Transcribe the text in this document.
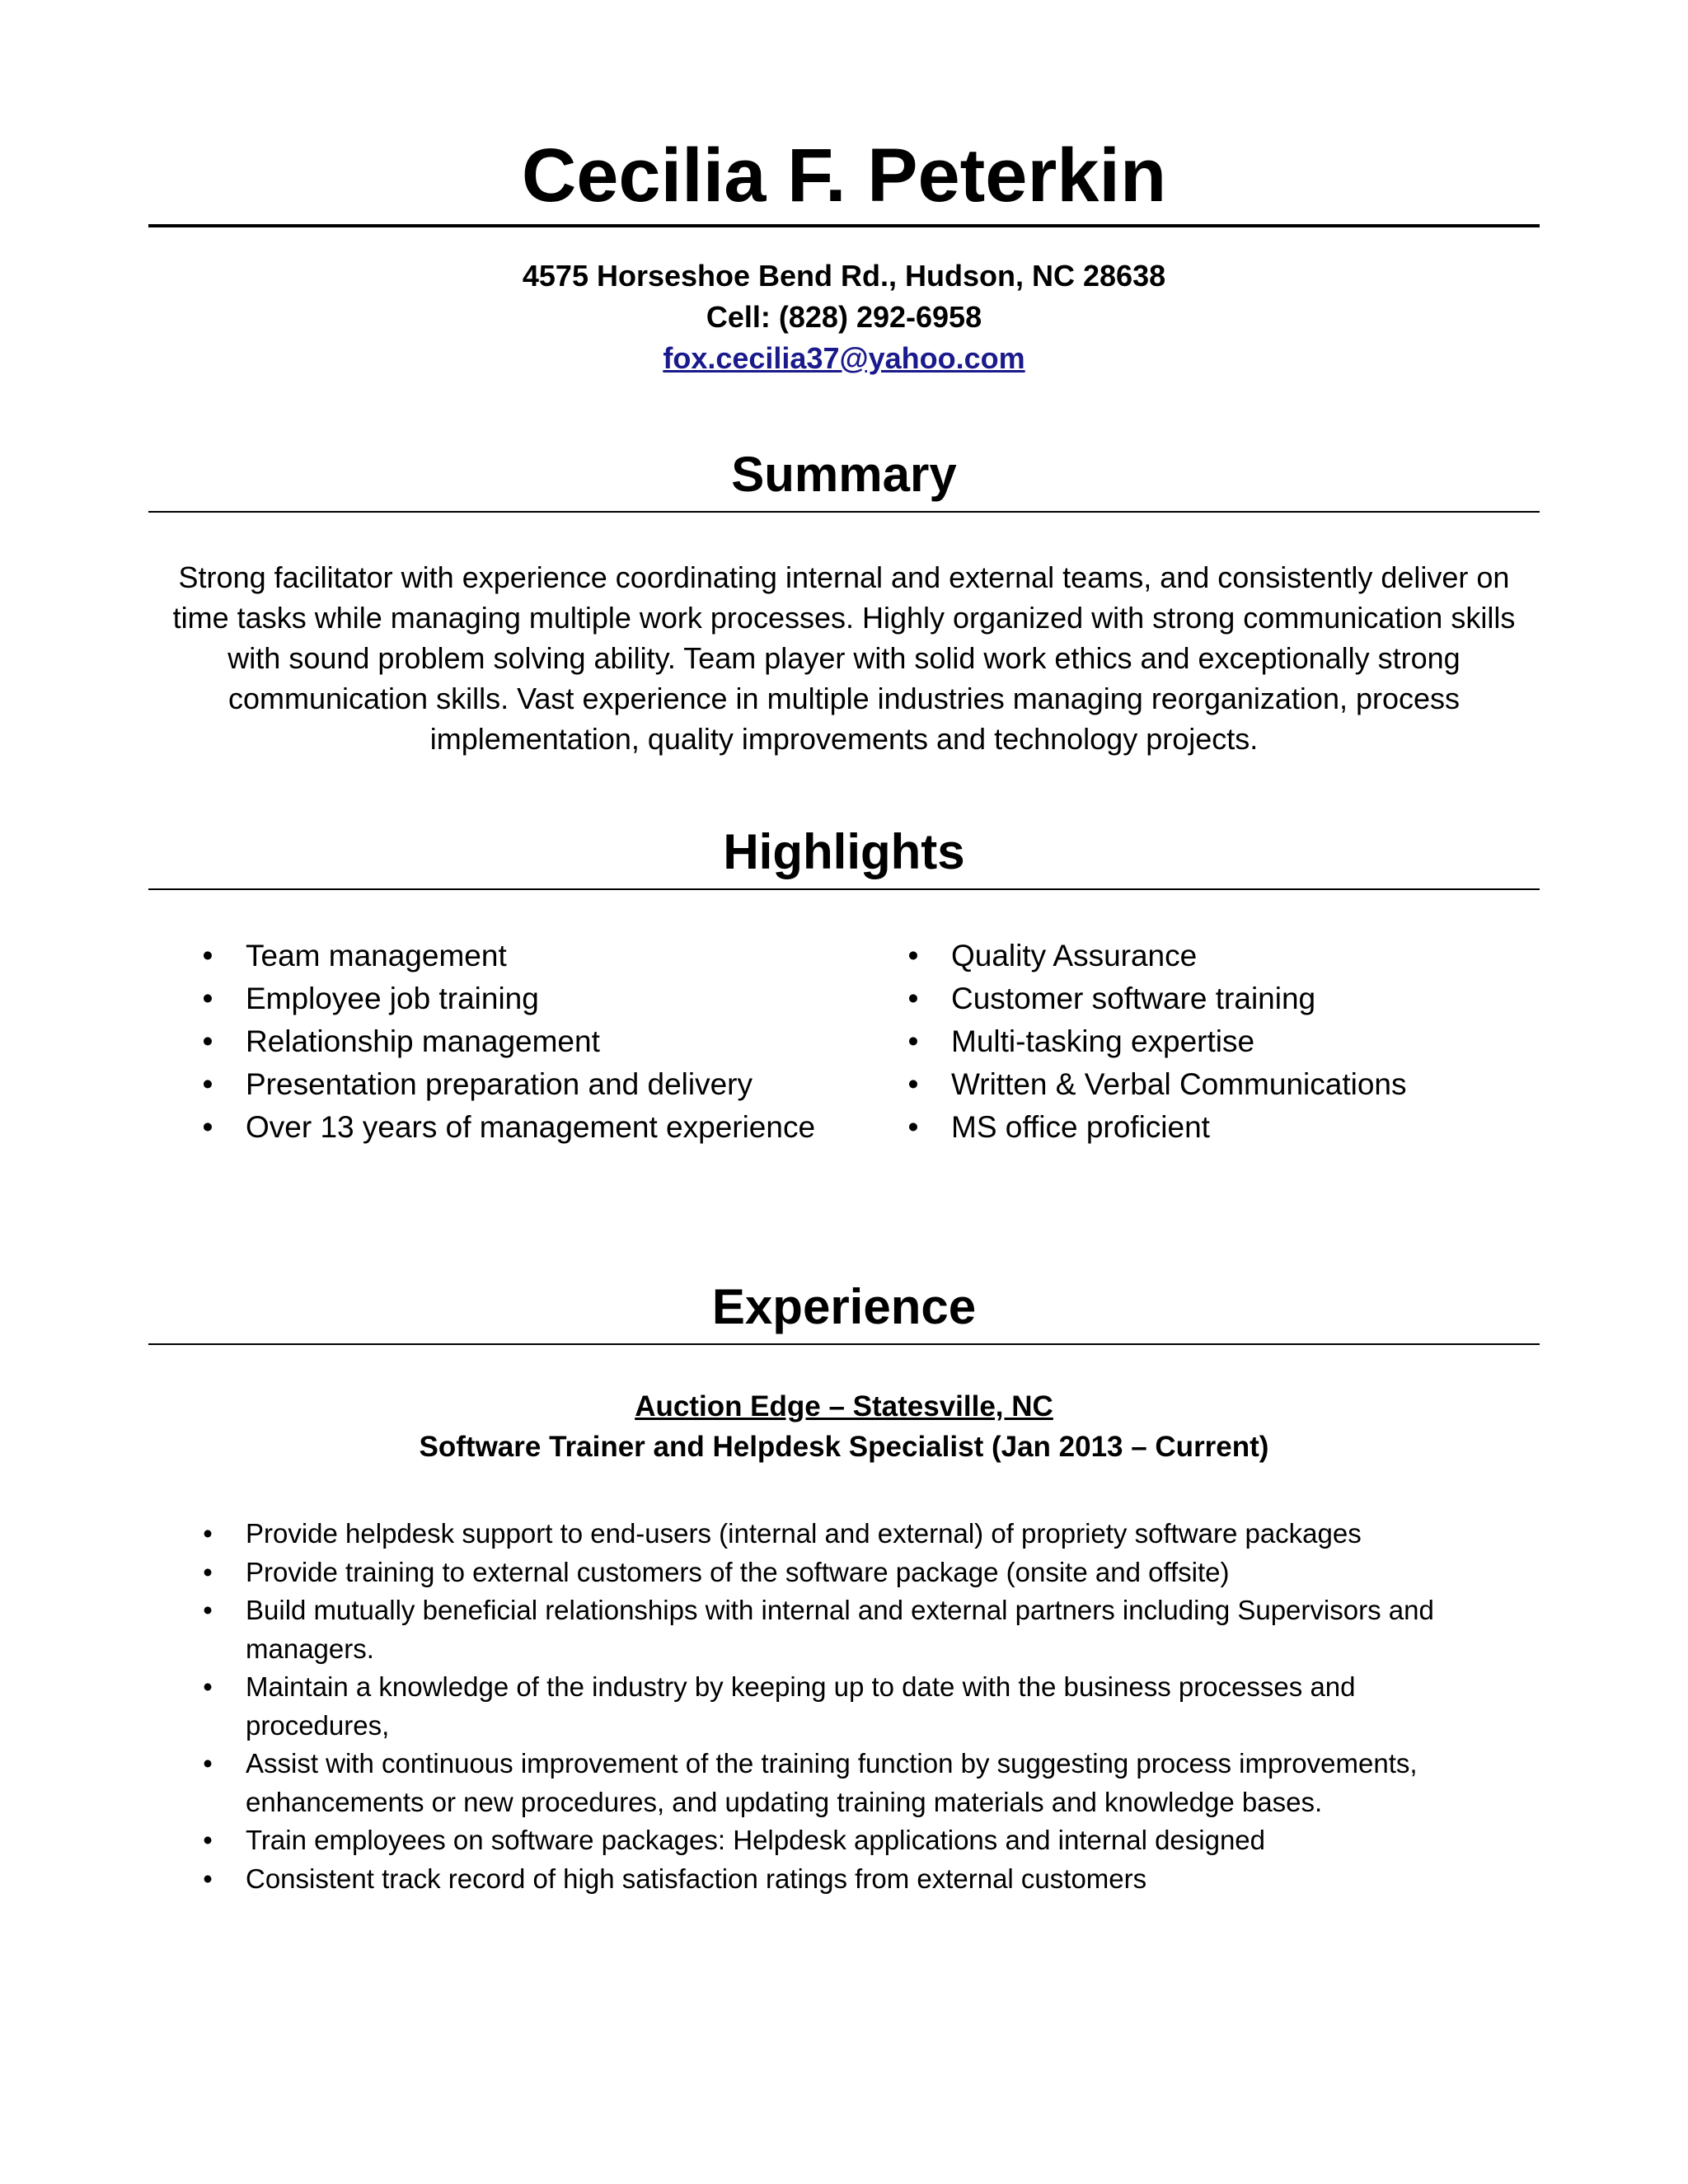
Cecilia F. Peterkin
4575 Horseshoe Bend Rd., Hudson, NC 28638
Cell: (828) 292-6958
fox.cecilia37@yahoo.com
Summary
Strong facilitator with experience coordinating internal and external teams, and consistently deliver on
time tasks while managing multiple work processes. Highly organized with strong communication skills
with sound problem solving ability. Team player with solid work ethics and exceptionally strong
communication skills. Vast experience in multiple industries managing reorganization, process
implementation, quality improvements and technology projects.
Highlights
• Team management
• Employee job training
• Relationship management
• Presentation preparation and delivery
• Over 13 years of management experience
• Quality Assurance
• Customer software training
• Multi-tasking expertise
• Written & Verbal Communications
• MS office proficient
Experience
Auction Edge – Statesville, NC
Software Trainer and Helpdesk Specialist (Jan 2013 – Current)
• Provide helpdesk support to end-users (internal and external) of propriety software packages
• Provide training to external customers of the software package (onsite and offsite)
• Build mutually beneficial relationships with internal and external partners including Supervisors and
managers.
• Maintain a knowledge of the industry by keeping up to date with the business processes and
procedures,
• Assist with continuous improvement of the training function by suggesting process improvements,
enhancements or new procedures, and updating training materials and knowledge bases.
• Train employees on software packages: Helpdesk applications and internal designed
• Consistent track record of high satisfaction ratings from external customers
